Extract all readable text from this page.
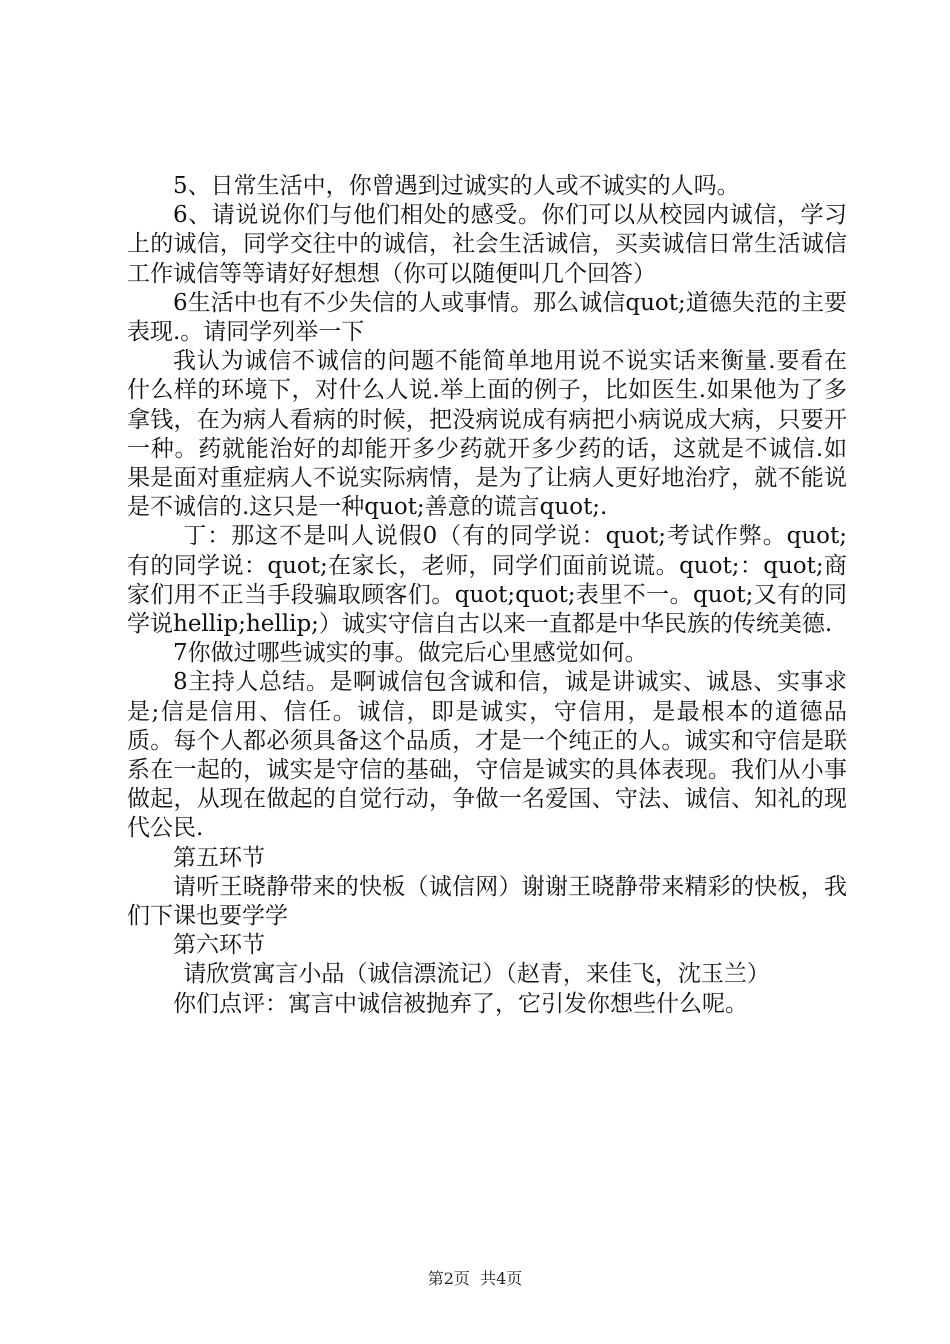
5、日常生活中，你曾遇到过诚实的人或不诚实的人吗。

6、请说说你们与他们相处的感受。你们可以从校园内诚信，学习上的诚信，同学交往中的诚信，社会生活诚信，买卖诚信日常生活诚信工作诚信等等请好好想想（你可以随便叫几个回答）

6生活中也有不少失信的人或事情。那么诚信quot;道德失范的主要表现.。请同学列举一下

我认为诚信不诚信的问题不能简单地用说不说实话来衡量.要看在什么样的环境下，对什么人说.举上面的例子，比如医生.如果他为了多拿钱，在为病人看病的时候，把没病说成有病把小病说成大病，只要开一种。药就能治好的却能开多少药就开多少药的话，这就是不诚信.如果是面对重症病人不说实际病情，是为了让病人更好地治疗，就不能说是不诚信的.这只是一种quot;善意的谎言quot;.

丁：那这不是叫人说假0（有的同学说：quot;考试作弊。quot;有的同学说：quot;在家长，老师，同学们面前说谎。quot;：quot;商家们用不正当手段骗取顾客们。quot;quot;表里不一。quot;又有的同学说hellip;hellip;）诚实守信自古以来一直都是中华民族的传统美德.

7你做过哪些诚实的事。做完后心里感觉如何。

8主持人总结。是啊诚信包含诚和信，诚是讲诚实、诚恳、实事求是;信是信用、信任。诚信，即是诚实，守信用，是最根本的道德品质。每个人都必须具备这个品质，才是一个纯正的人。诚实和守信是联系在一起的，诚实是守信的基础，守信是诚实的具体表现。我们从小事做起，从现在做起的自觉行动，争做一名爱国、守法、诚信、知礼的现代公民.

第五环节

请听王晓静带来的快板（诚信网）谢谢王晓静带来精彩的快板，我们下课也要学学

第六环节

请欣赏寓言小品（诚信漂流记）（赵青，来佳飞，沈玉兰）

你们点评：寓言中诚信被抛弃了，它引发你想些什么呢。

第2页  共4页
